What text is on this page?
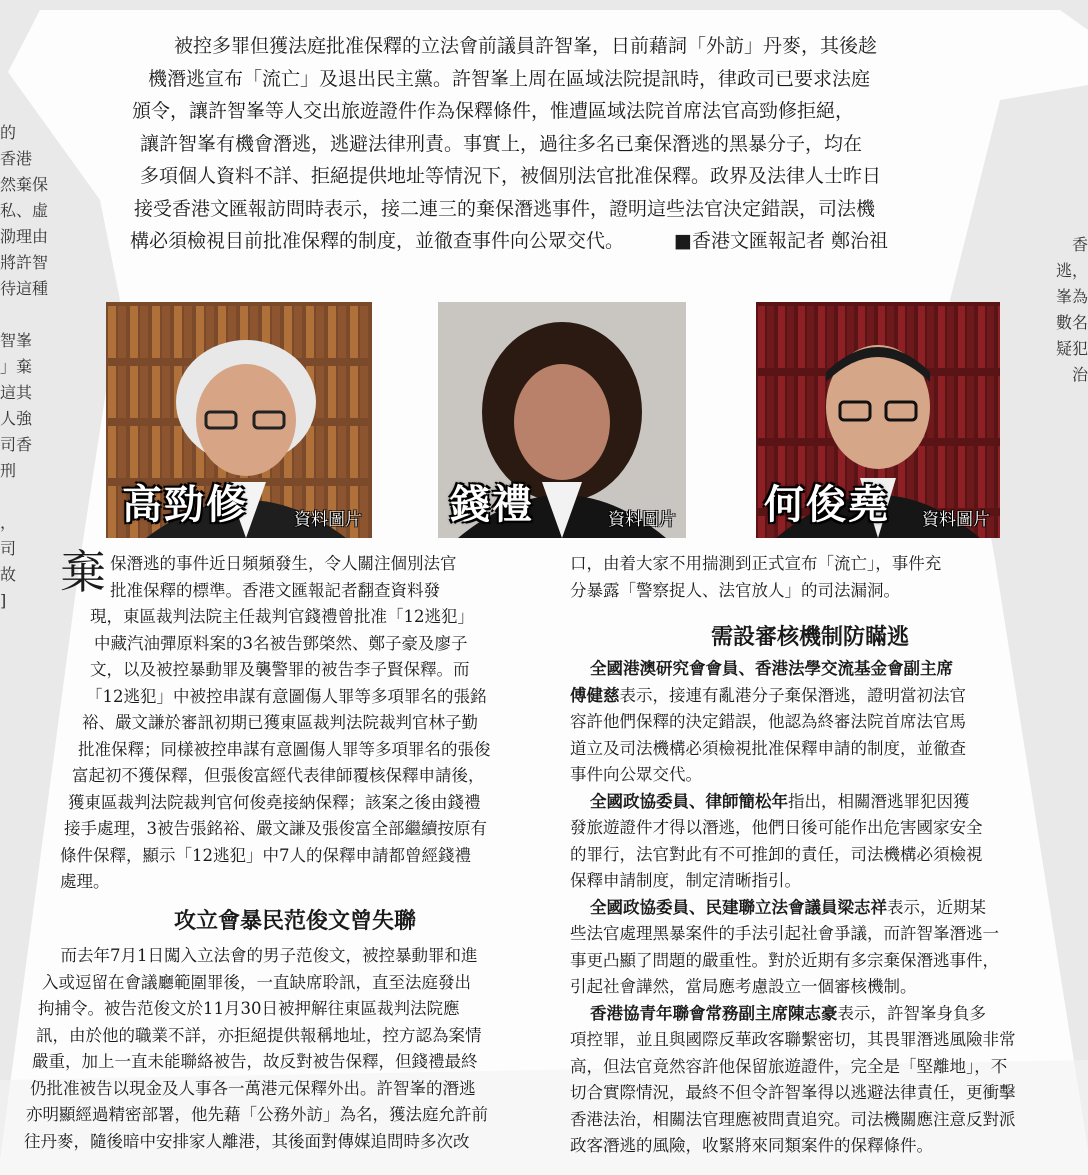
的
香港
然棄保
私、虛
泐理由
將許智
待這種

智峯
」棄
這其
人強
司香
刑

，
司
故
]
香
逃，
峯為
數名
疑犯
治

被控多罪但獲法庭批准保釋的立法會前議員許智峯，日前藉詞「外訪」丹麥，其後趁

機潛逃宣布「流亡」及退出民主黨。許智峯上周在區域法院提訊時，律政司已要求法庭

頒令，讓許智峯等人交出旅遊證件作為保釋條件，惟遭區域法院首席法官高勁修拒絕，

讓許智峯有機會潛逃，逃避法律刑責。事實上，過往多名已棄保潛逃的黑暴分子，均在

多項個人資料不詳、拒絕提供地址等情況下，被個別法官批准保釋。政界及法律人士昨日

接受香港文匯報訪問時表示，接二連三的棄保潛逃事件，證明這些法官決定錯誤，司法機

構必須檢視目前批准保釋的制度，並徹查事件向公眾交代。	■香港文匯報記者 鄭治祖

高勁修	資料圖片 錢禮	資料圖片 何俊堯 資料圖片
棄 保潛逃的事件近日頻頻發生，令人關注個別法官

批准保釋的標準。香港文匯報記者翻查資料發

現，東區裁判法院主任裁判官錢禮曾批准「12逃犯」

中藏汽油彈原料案的3名被告鄧棨然、鄭子豪及廖子

文，以及被控暴動罪及襲警罪的被告李子賢保釋。而

「12逃犯」中被控串謀有意圖傷人罪等多項罪名的張銘

裕、嚴文謙於審訊初期已獲東區裁判法院裁判官林子勤

批准保釋；同樣被控串謀有意圖傷人罪等多項罪名的張俊

富起初不獲保釋，但張俊富經代表律師覆核保釋申請後，

獲東區裁判法院裁判官何俊堯接納保釋；該案之後由錢禮

接手處理，3被告張銘裕、嚴文謙及張俊富全部繼續按原有

條件保釋，顯示「12逃犯」中7人的保釋申請都曾經錢禮

處理。

攻立會暴民范俊文曾失聯

　而去年7月1日闖入立法會的男子范俊文，被控暴動罪和進

入或逗留在會議廳範圍罪後，一直缺席聆訊，直至法庭發出

拘捕令。被告范俊文於11月30日被押解往東區裁判法院應

訊，由於他的職業不詳，亦拒絕提供報稱地址，控方認為案情

嚴重，加上一直未能聯絡被告，故反對被告保釋，但錢禮最終

仍批准被告以現金及人事各一萬港元保釋外出。許智峯的潛逃

亦明顯經過精密部署，他先藉「公務外訪」為名，獲法庭允許前

往丹麥，隨後暗中安排家人離港，其後面對傳媒追問時多次改

口，由着大家不用揣測到正式宣布「流亡」，事件充

分暴露「警察捉人、法官放人」的司法漏洞。

需設審核機制防瞞逃

全國港澳研究會會員、香港法學交流基金會副主席

傅健慈表示，接連有亂港分子棄保潛逃，證明當初法官

容許他們保釋的決定錯誤，他認為終審法院首席法官馬

道立及司法機構必須檢視批准保釋申請的制度，並徹查

事件向公眾交代。

全國政協委員、律師簡松年指出，相關潛逃罪犯因獲

發旅遊證件才得以潛逃，他們日後可能作出危害國家安全

的罪行，法官對此有不可推卸的責任，司法機構必須檢視

保釋申請制度，制定清晰指引。

全國政協委員、民建聯立法會議員梁志祥表示，近期某

些法官處理黑暴案件的手法引起社會爭議，而許智峯潛逃一

事更凸顯了問題的嚴重性。對於近期有多宗棄保潛逃事件，

引起社會譁然，當局應考慮設立一個審核機制。

香港協青年聯會常務副主席陳志豪表示，許智峯身負多

項控罪，並且與國際反華政客聯繫密切，其畏罪潛逃風險非常

高，但法官竟然容許他保留旅遊證件，完全是「堅離地」，不

切合實際情況，最終不但令許智峯得以逃避法律責任，更衝擊

香港法治，相關法官理應被問責追究。司法機關應注意反對派

政客潛逃的風險，收緊將來同類案件的保釋條件。
